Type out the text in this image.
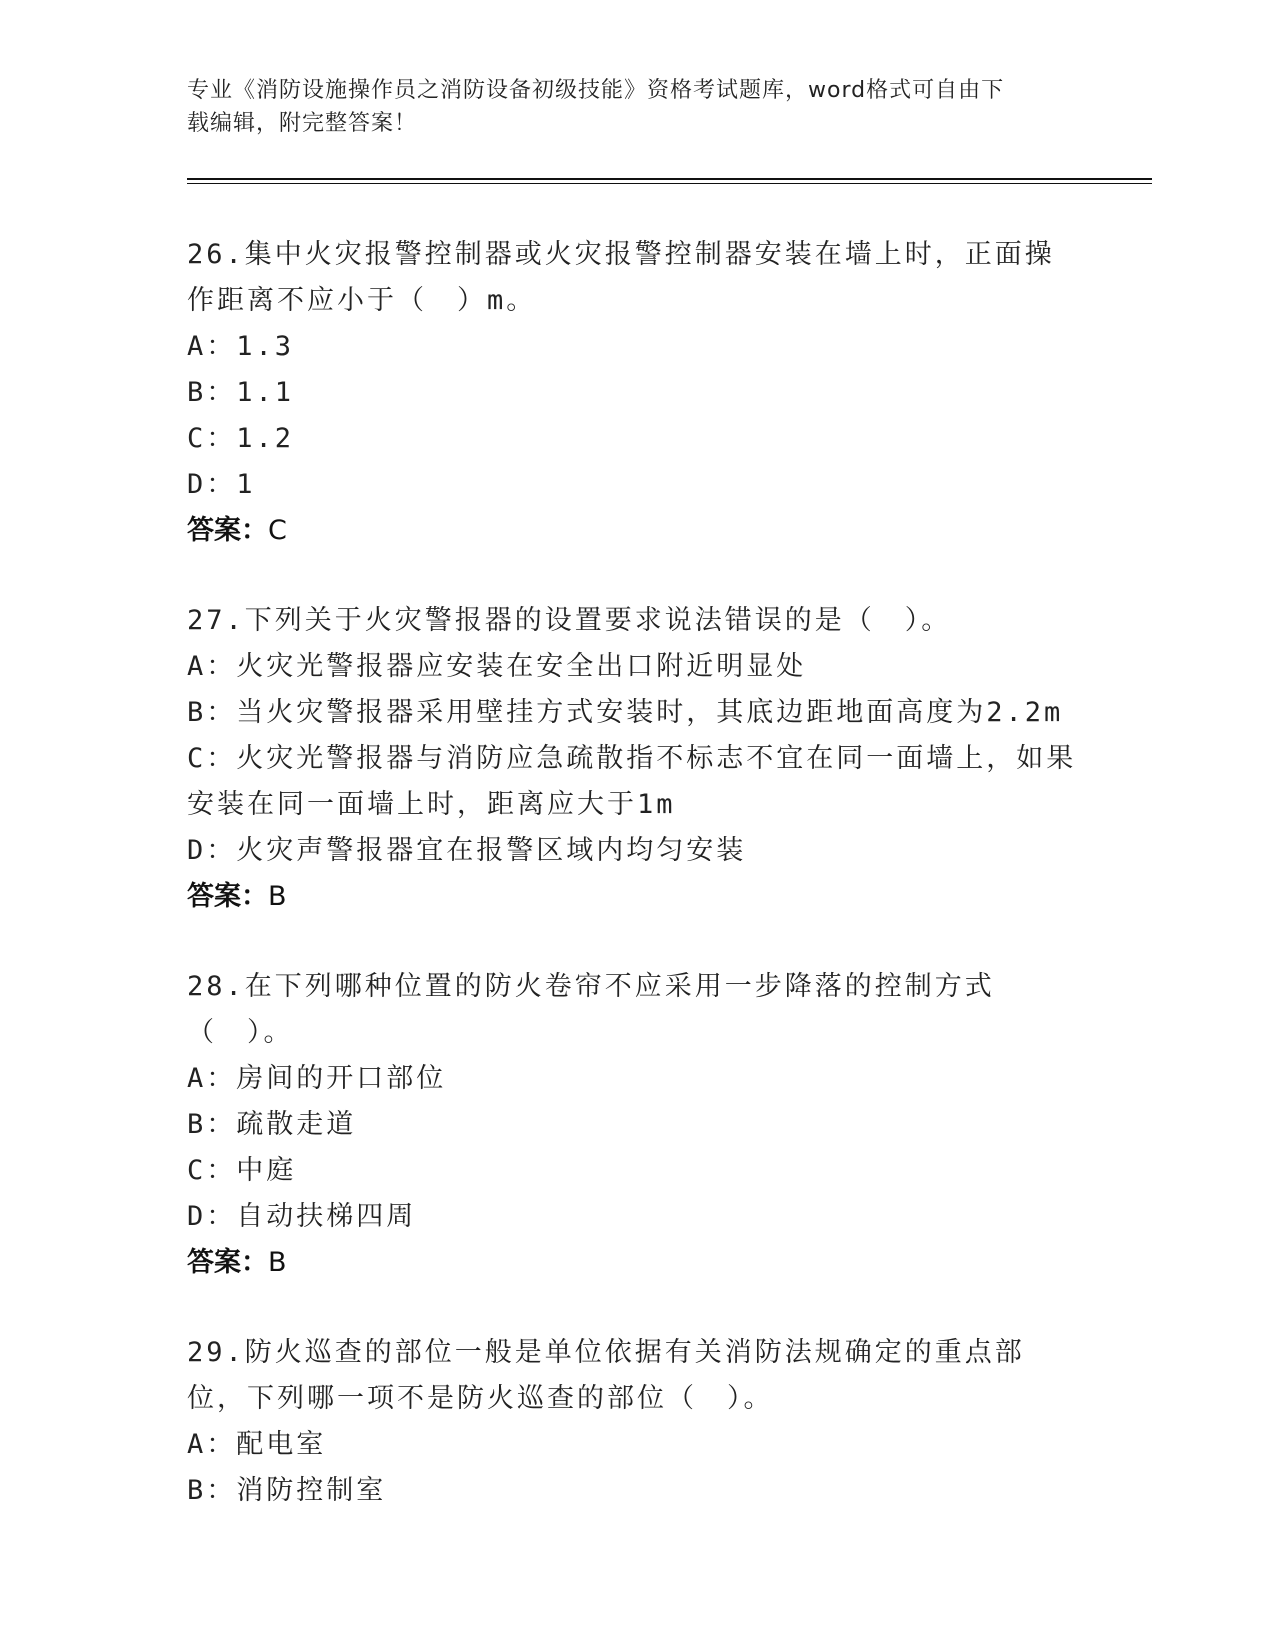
专业《消防设施操作员之消防设备初级技能》资格考试题库，word格式可自由下
载编辑，附完整答案！
26.集中火灾报警控制器或火灾报警控制器安装在墙上时，正面操作距离不应小于（　）m。
A：1.3
B：1.1
C：1.2
D：1
答案：C
27.下列关于火灾警报器的设置要求说法错误的是（　）。
A：火灾光警报器应安装在安全出口附近明显处
B：当火灾警报器采用壁挂方式安装时，其底边距地面高度为2.2m
C：火灾光警报器与消防应急疏散指不标志不宜在同一面墙上，如果安装在同一面墙上时，距离应大于1m
D：火灾声警报器宜在报警区域内均匀安装
答案：B
28.在下列哪种位置的防火卷帘不应采用一步降落的控制方式（　）。
A：房间的开口部位
B：疏散走道
C：中庭
D：自动扶梯四周
答案：B
29.防火巡查的部位一般是单位依据有关消防法规确定的重点部位，下列哪一项不是防火巡查的部位（　）。
A：配电室
B：消防控制室
